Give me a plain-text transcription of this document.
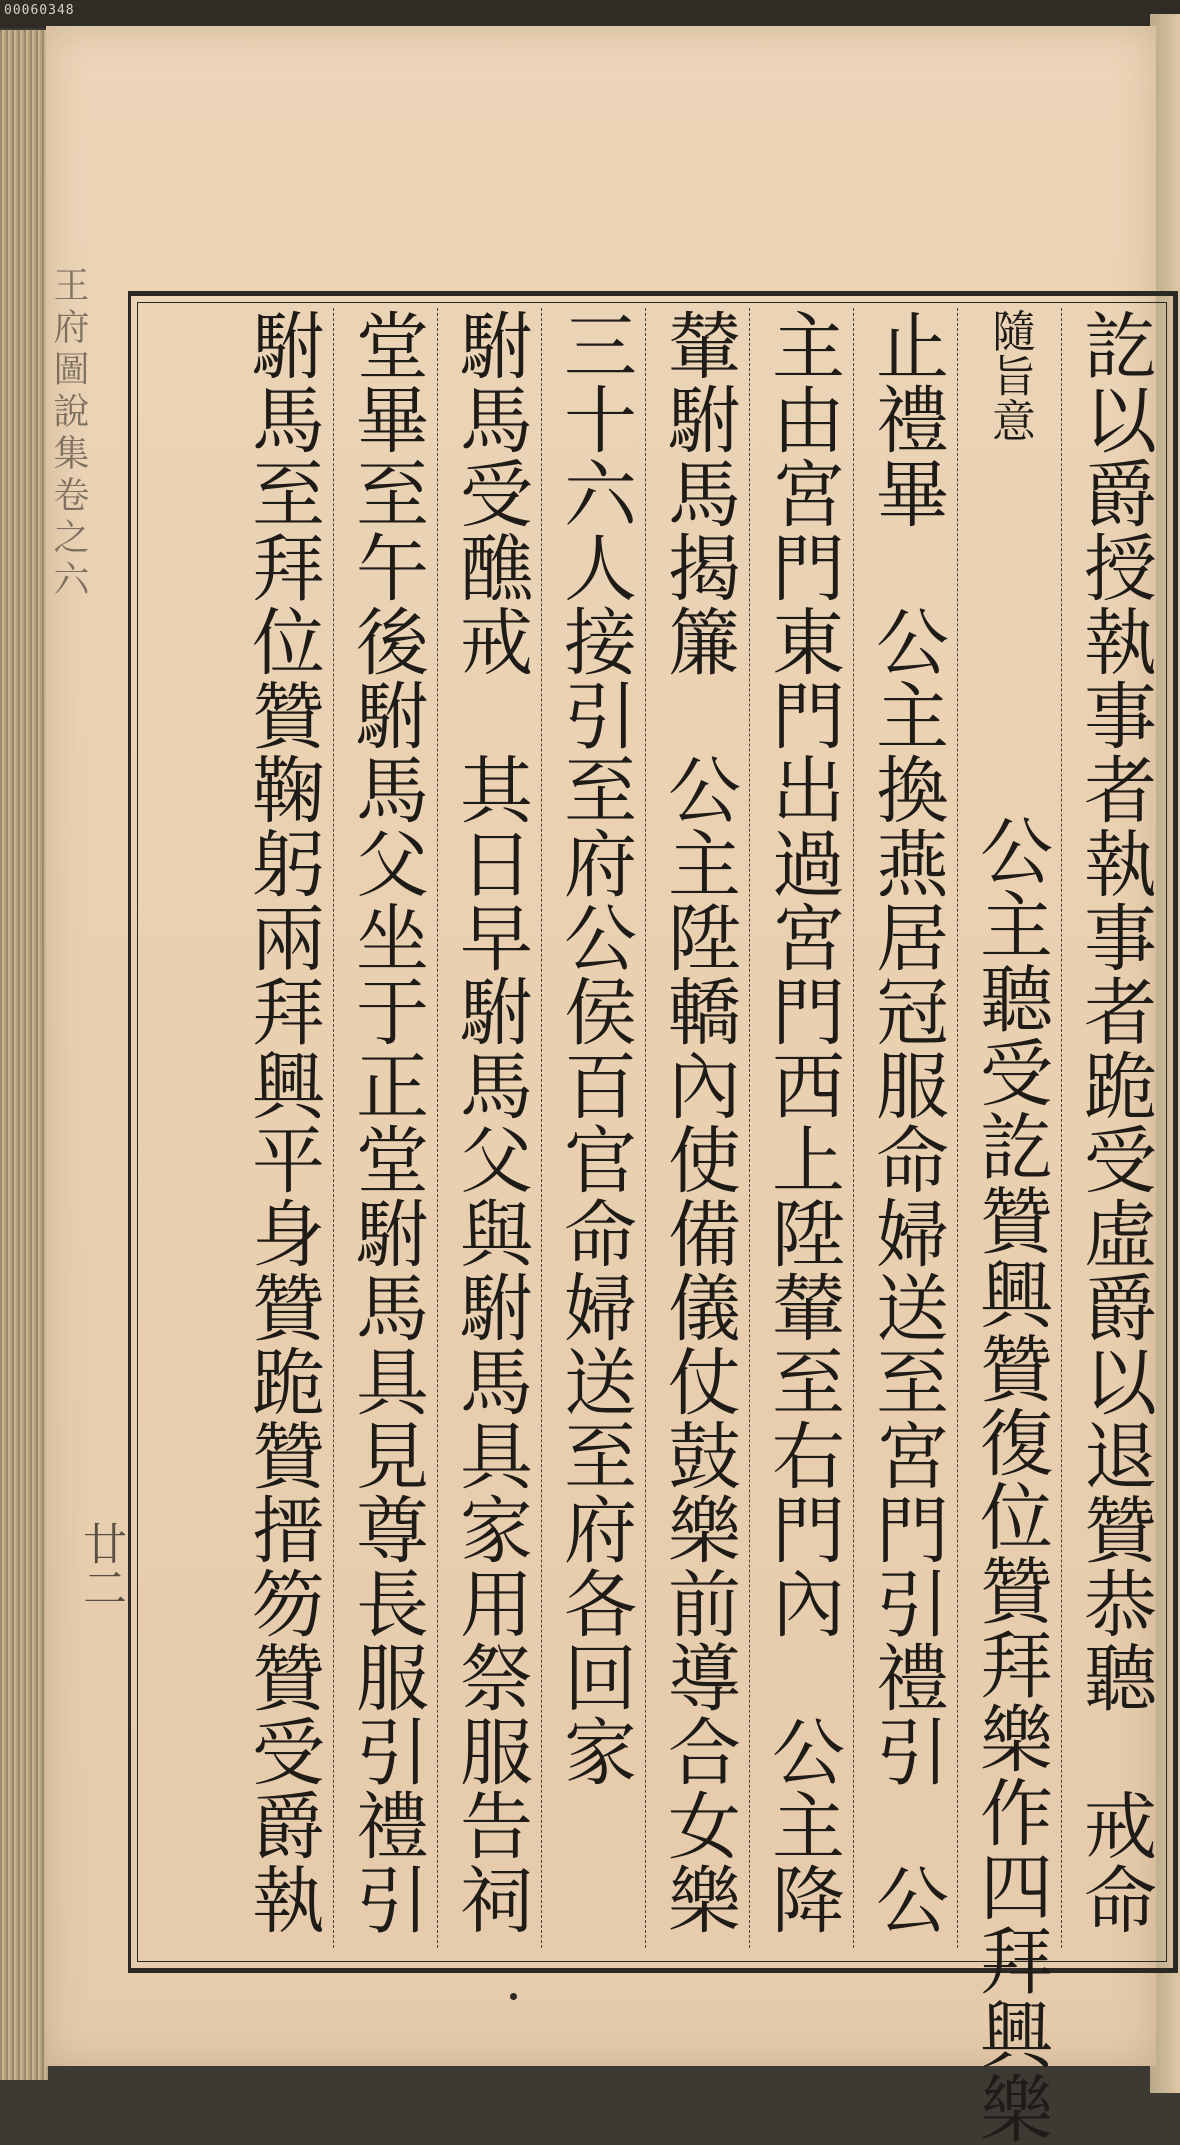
00060348
王府圖說集卷之六
廿二	訖以爵授執事者執事者跪受虛爵以退贊恭聽　戒命
隨旨意　　　　　公主聽受訖贊興贊復位贊拜樂作四拜興樂
止禮畢　公主換燕居冠服命婦送至宮門引禮引　公
主由宮門東門出過宮門西上陞輦至右門內　公主降
輦駙馬揭簾　公主陞轎內使備儀仗鼓樂前導合女樂
三十六人接引至府公侯百官命婦送至府各回家
駙馬受醮戒　其日早駙馬父與駙馬具家用祭服告祠
堂畢至午後駙馬父坐于正堂駙馬具見尊長服引禮引
駙馬至拜位贊鞠躬兩拜興平身贊跪贊搢笏贊受爵執
